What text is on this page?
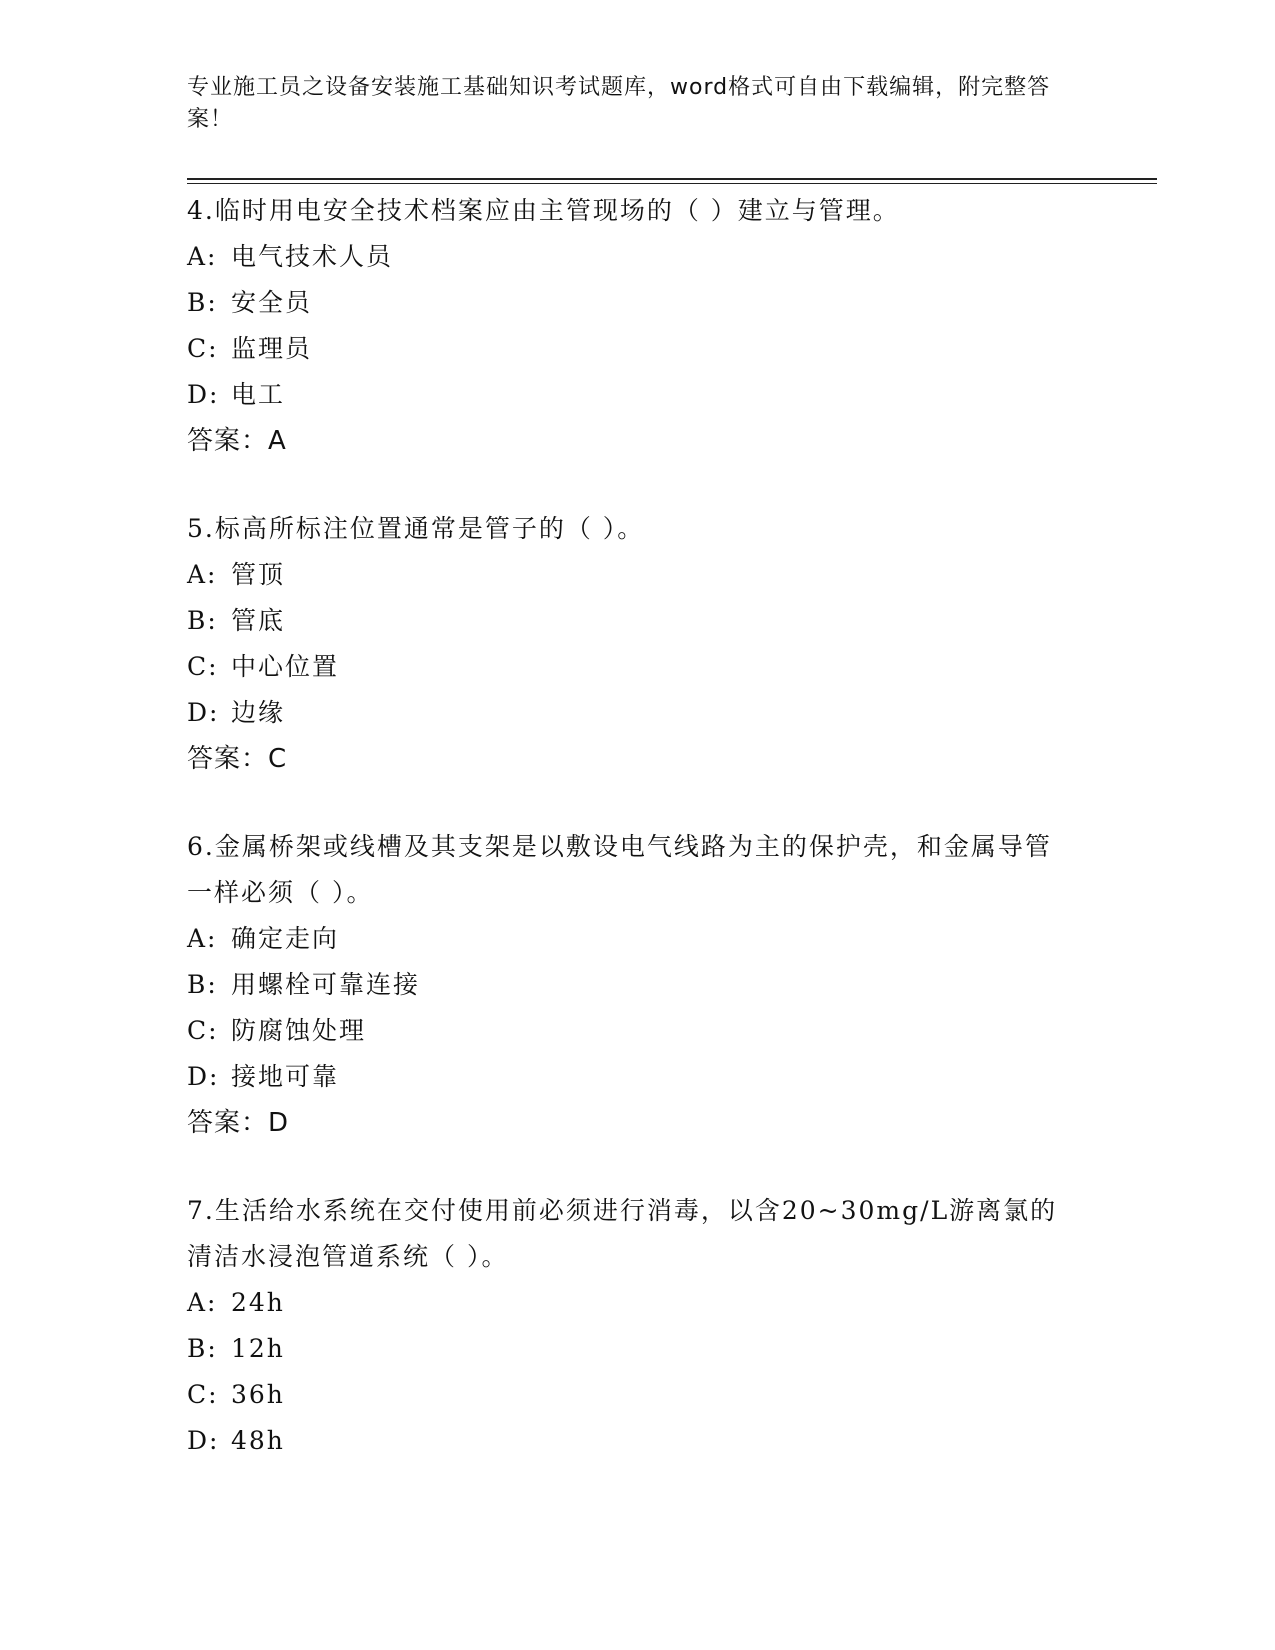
专业施工员之设备安装施工基础知识考试题库，word格式可自由下载编辑，附完整答案！

4.临时用电安全技术档案应由主管现场的（ ）建立与管理。

A: 电气技术人员

B: 安全员

C: 监理员

D: 电工

答案：A

5.标高所标注位置通常是管子的（ ）。

A: 管顶

B: 管底

C: 中心位置

D: 边缘

答案：C

6.金属桥架或线槽及其支架是以敷设电气线路为主的保护壳，和金属导管一样必须（ ）。

A: 确定走向

B: 用螺栓可靠连接

C: 防腐蚀处理

D: 接地可靠

答案：D

7.生活给水系统在交付使用前必须进行消毒，以含20~30mg/L游离氯的清洁水浸泡管道系统（ ）。

A: 24h

B: 12h

C: 36h

D: 48h
